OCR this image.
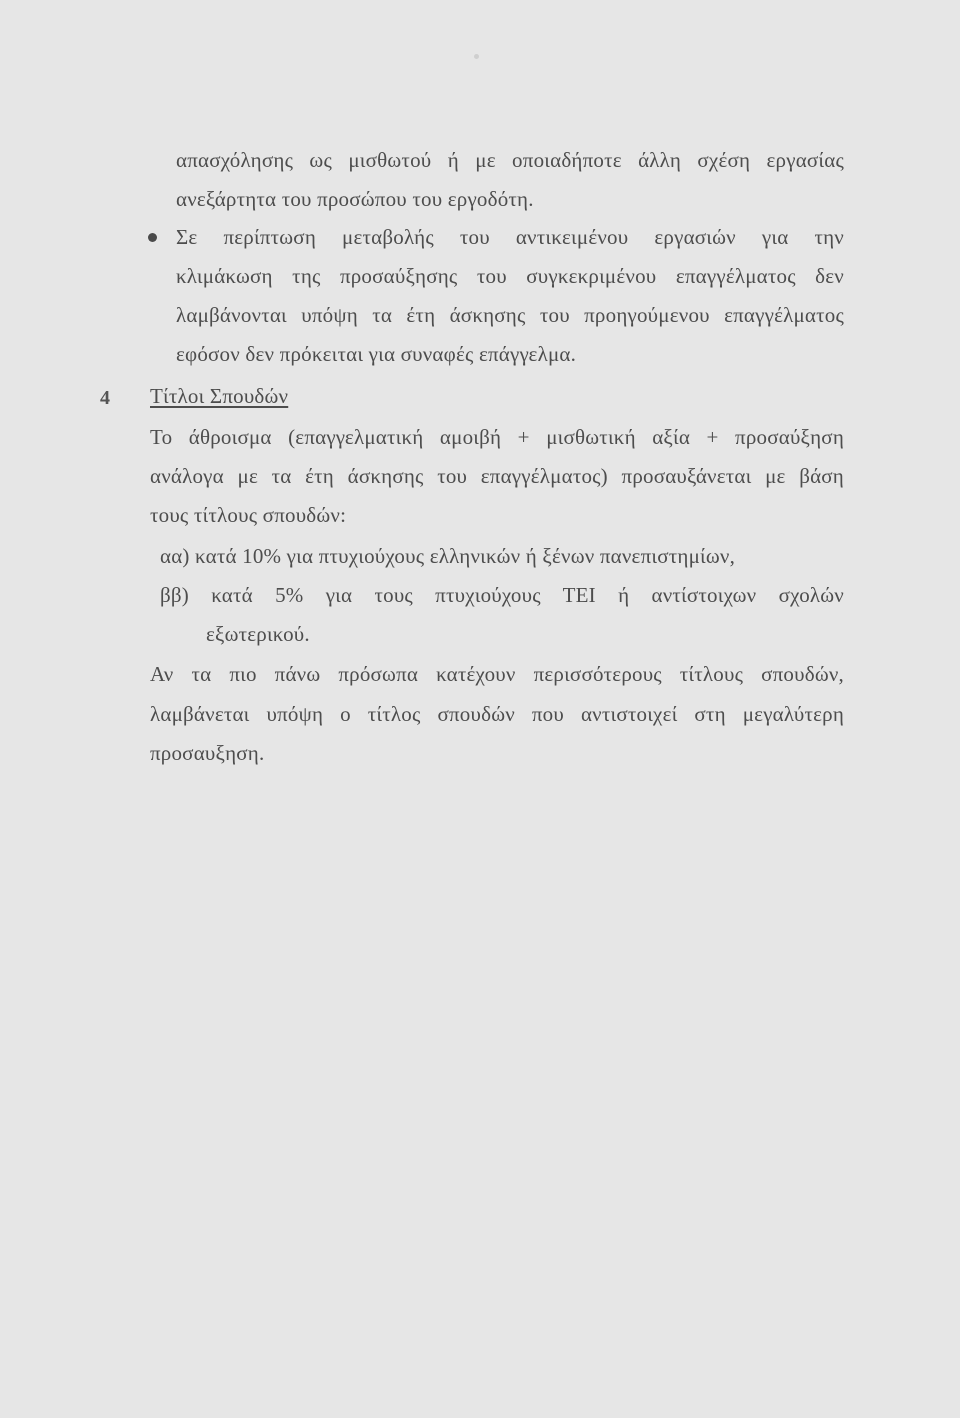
απασχόλησης ως μισθωτού ή με οποιαδήποτε άλλη σχέση εργασίας
ανεξάρτητα του προσώπου του εργοδότη.
Σε περίπτωση μεταβολής του αντικειμένου εργασιών για την
κλιμάκωση της προσαύξησης του συγκεκριμένου επαγγέλματος δεν
λαμβάνονται υπόψη τα έτη άσκησης του προηγούμενου επαγγέλματος
εφόσον δεν πρόκειται για συναφές επάγγελμα.
4 Τίτλοι Σπουδών
Το άθροισμα (επαγγελματική αμοιβή + μισθωτική αξία + προσαύξηση
ανάλογα με τα έτη άσκησης του επαγγέλματος) προσαυξάνεται με βάση
τους τίτλους σπουδών:
αα) κατά 10% για πτυχιούχους ελληνικών ή ξένων πανεπιστημίων,
ββ) κατά 5% για τους πτυχιούχους ΤΕΙ ή αντίστοιχων σχολών
εξωτερικού.
Αν τα πιο πάνω πρόσωπα κατέχουν περισσότερους τίτλους σπουδών,
λαμβάνεται υπόψη ο τίτλος σπουδών που αντιστοιχεί στη μεγαλύτερη
προσαυξηση.
